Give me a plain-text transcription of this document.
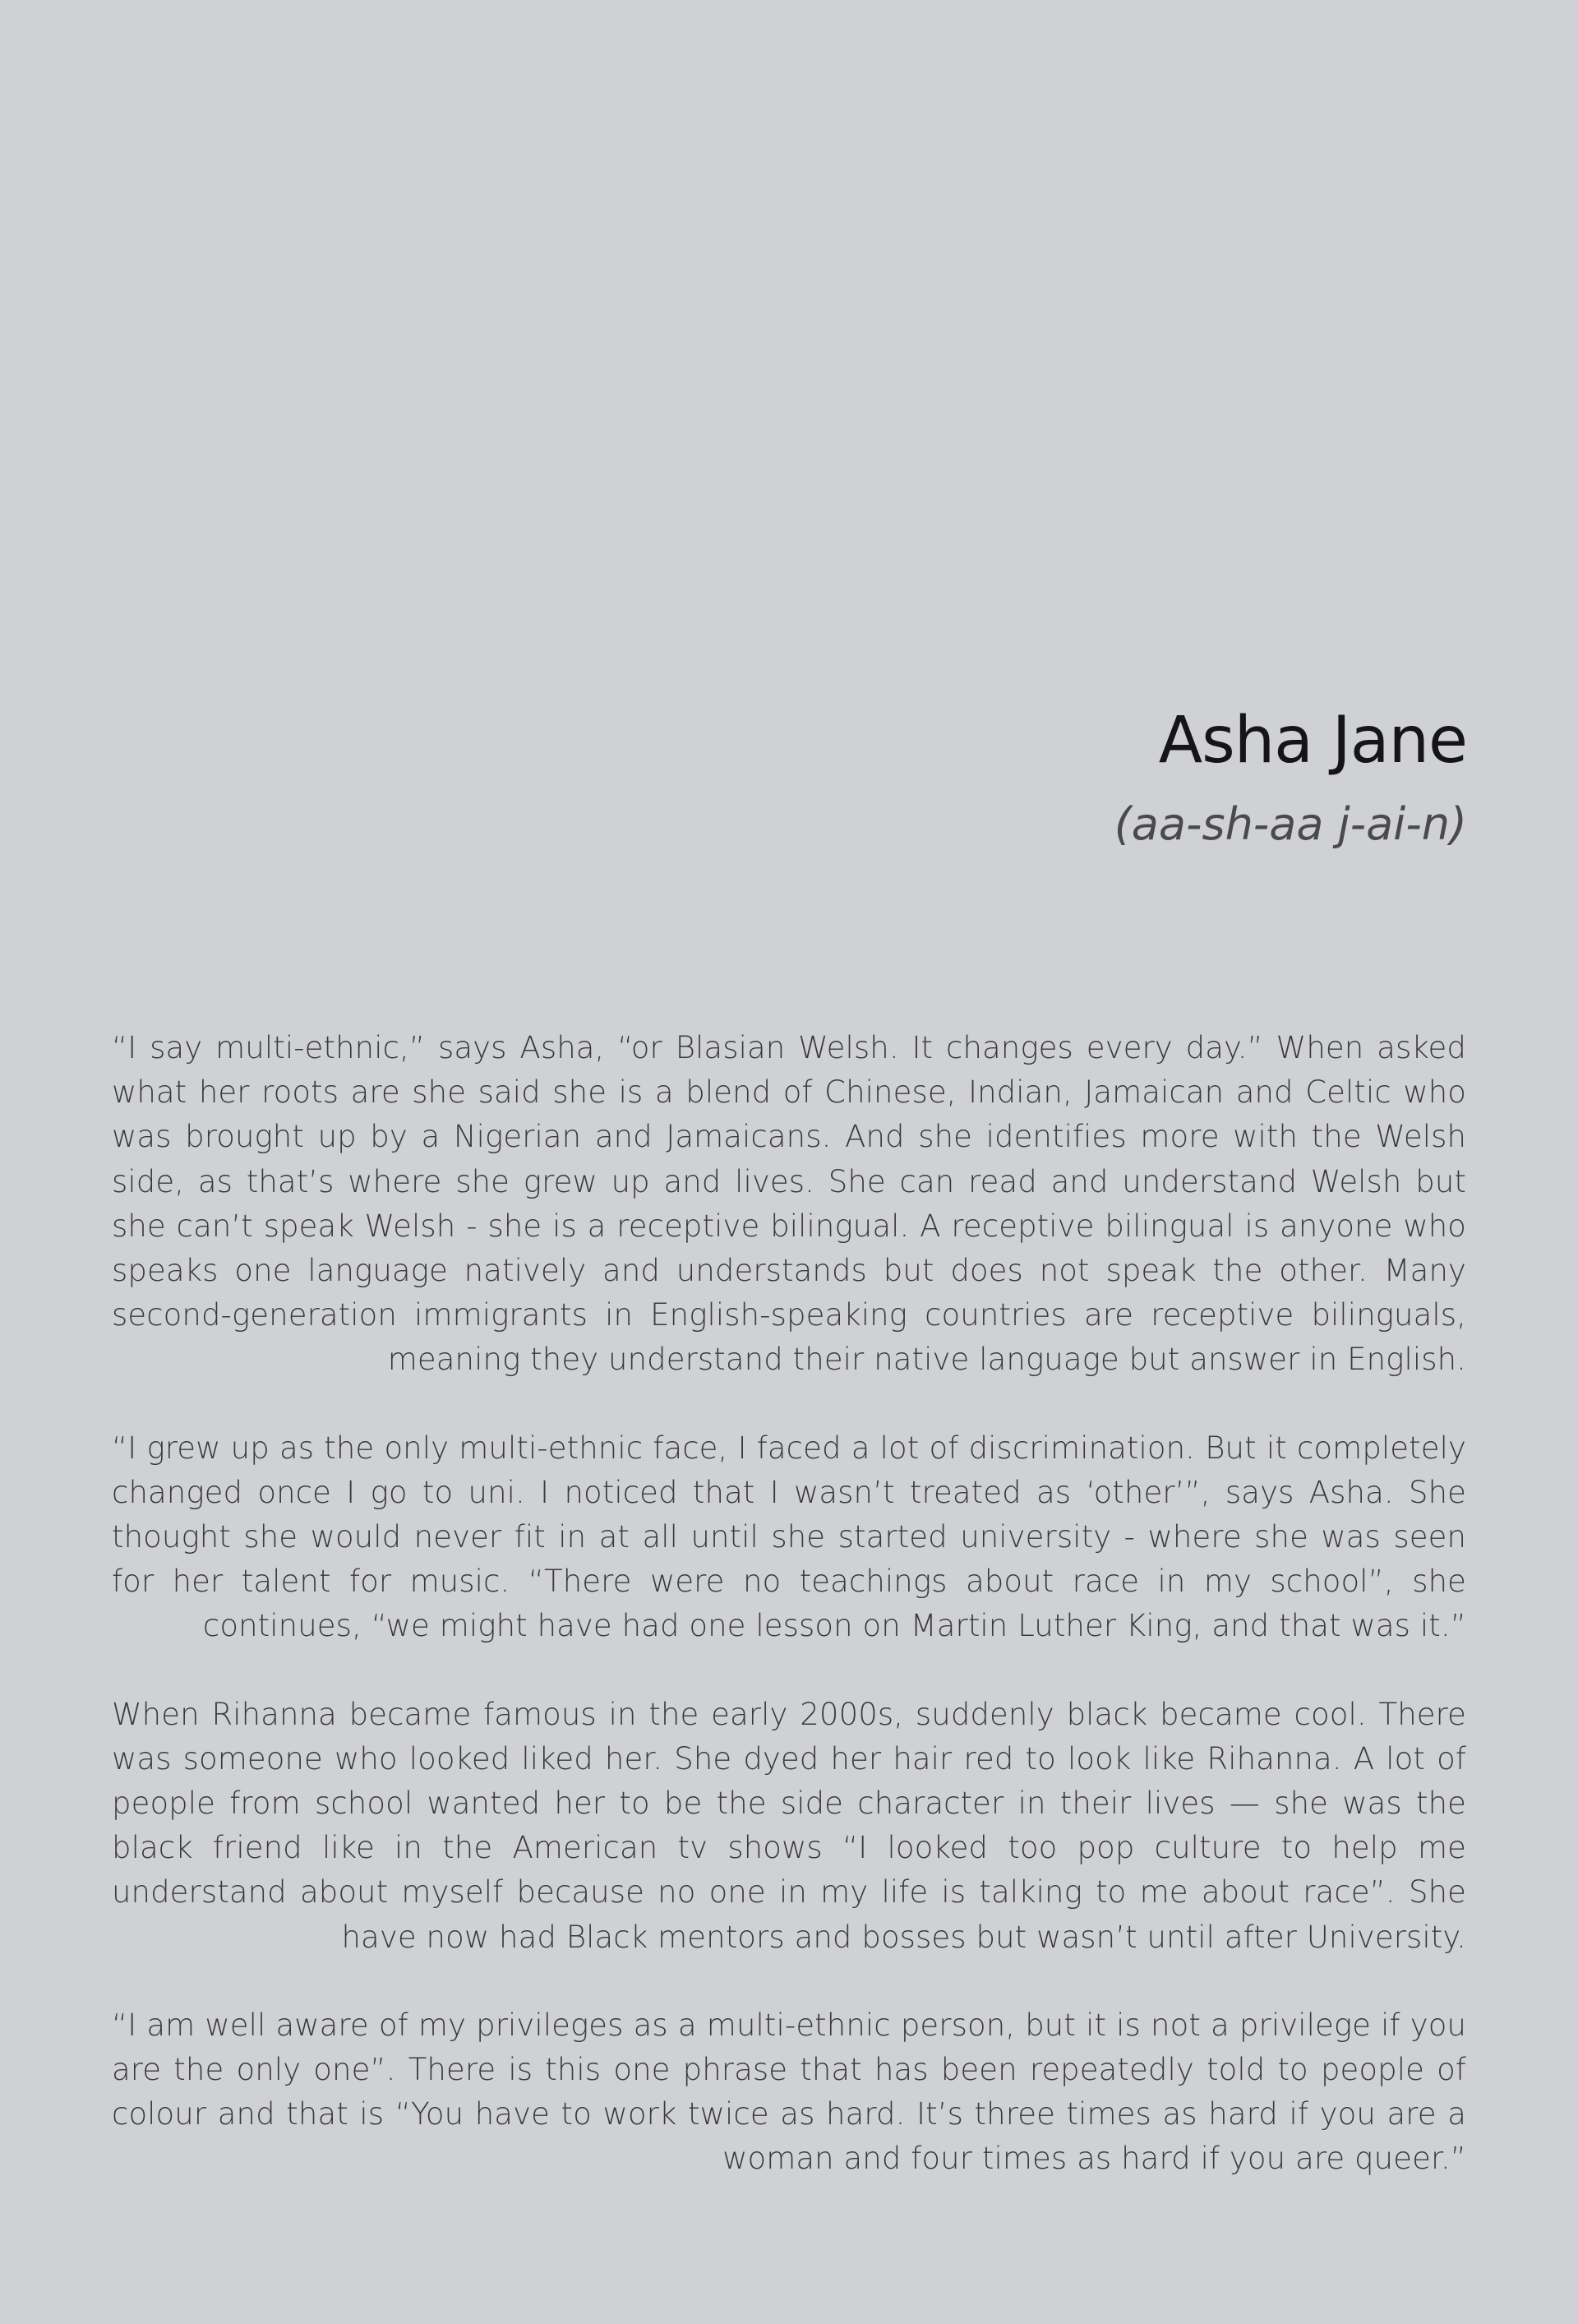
Asha Jane
(aa-sh-aa j-ai-n)

“I say multi-ethnic,” says Asha, “or Blasian Welsh. It changes every day.” When asked what her roots are she said she is a blend of Chinese, Indian, Jamaican and Celtic who was brought up by a Nigerian and Jamaicans. And she identifies more with the Welsh side, as that’s where she grew up and lives. She can read and understand Welsh but she can’t speak Welsh - she is a receptive bilingual. A receptive bilingual is anyone who speaks one language natively and understands but does not speak the other. Many second-generation immigrants in English-speaking countries are receptive bilinguals, meaning they understand their native language but answer in English.

“I grew up as the only multi-ethnic face, I faced a lot of discrimination. But it completely changed once I go to uni. I noticed that I wasn’t treated as ‘other’”, says Asha. She thought she would never fit in at all until she started university - where she was seen for her talent for music. “There were no teachings about race in my school”, she continues, “we might have had one lesson on Martin Luther King, and that was it.”

When Rihanna became famous in the early 2000s, suddenly black became cool. There was someone who looked liked her. She dyed her hair red to look like Rihanna. A lot of people from school wanted her to be the side character in their lives — she was the black friend like in the American tv shows “I looked too pop culture to help me understand about myself because no one in my life is talking to me about race”. She have now had Black mentors and bosses but wasn’t until after University.

“I am well aware of my privileges as a multi-ethnic person, but it is not a privilege if you are the only one”. There is this one phrase that has been repeatedly told to people of colour and that is “You have to work twice as hard. It’s three times as hard if you are a woman and four times as hard if you are queer.”
